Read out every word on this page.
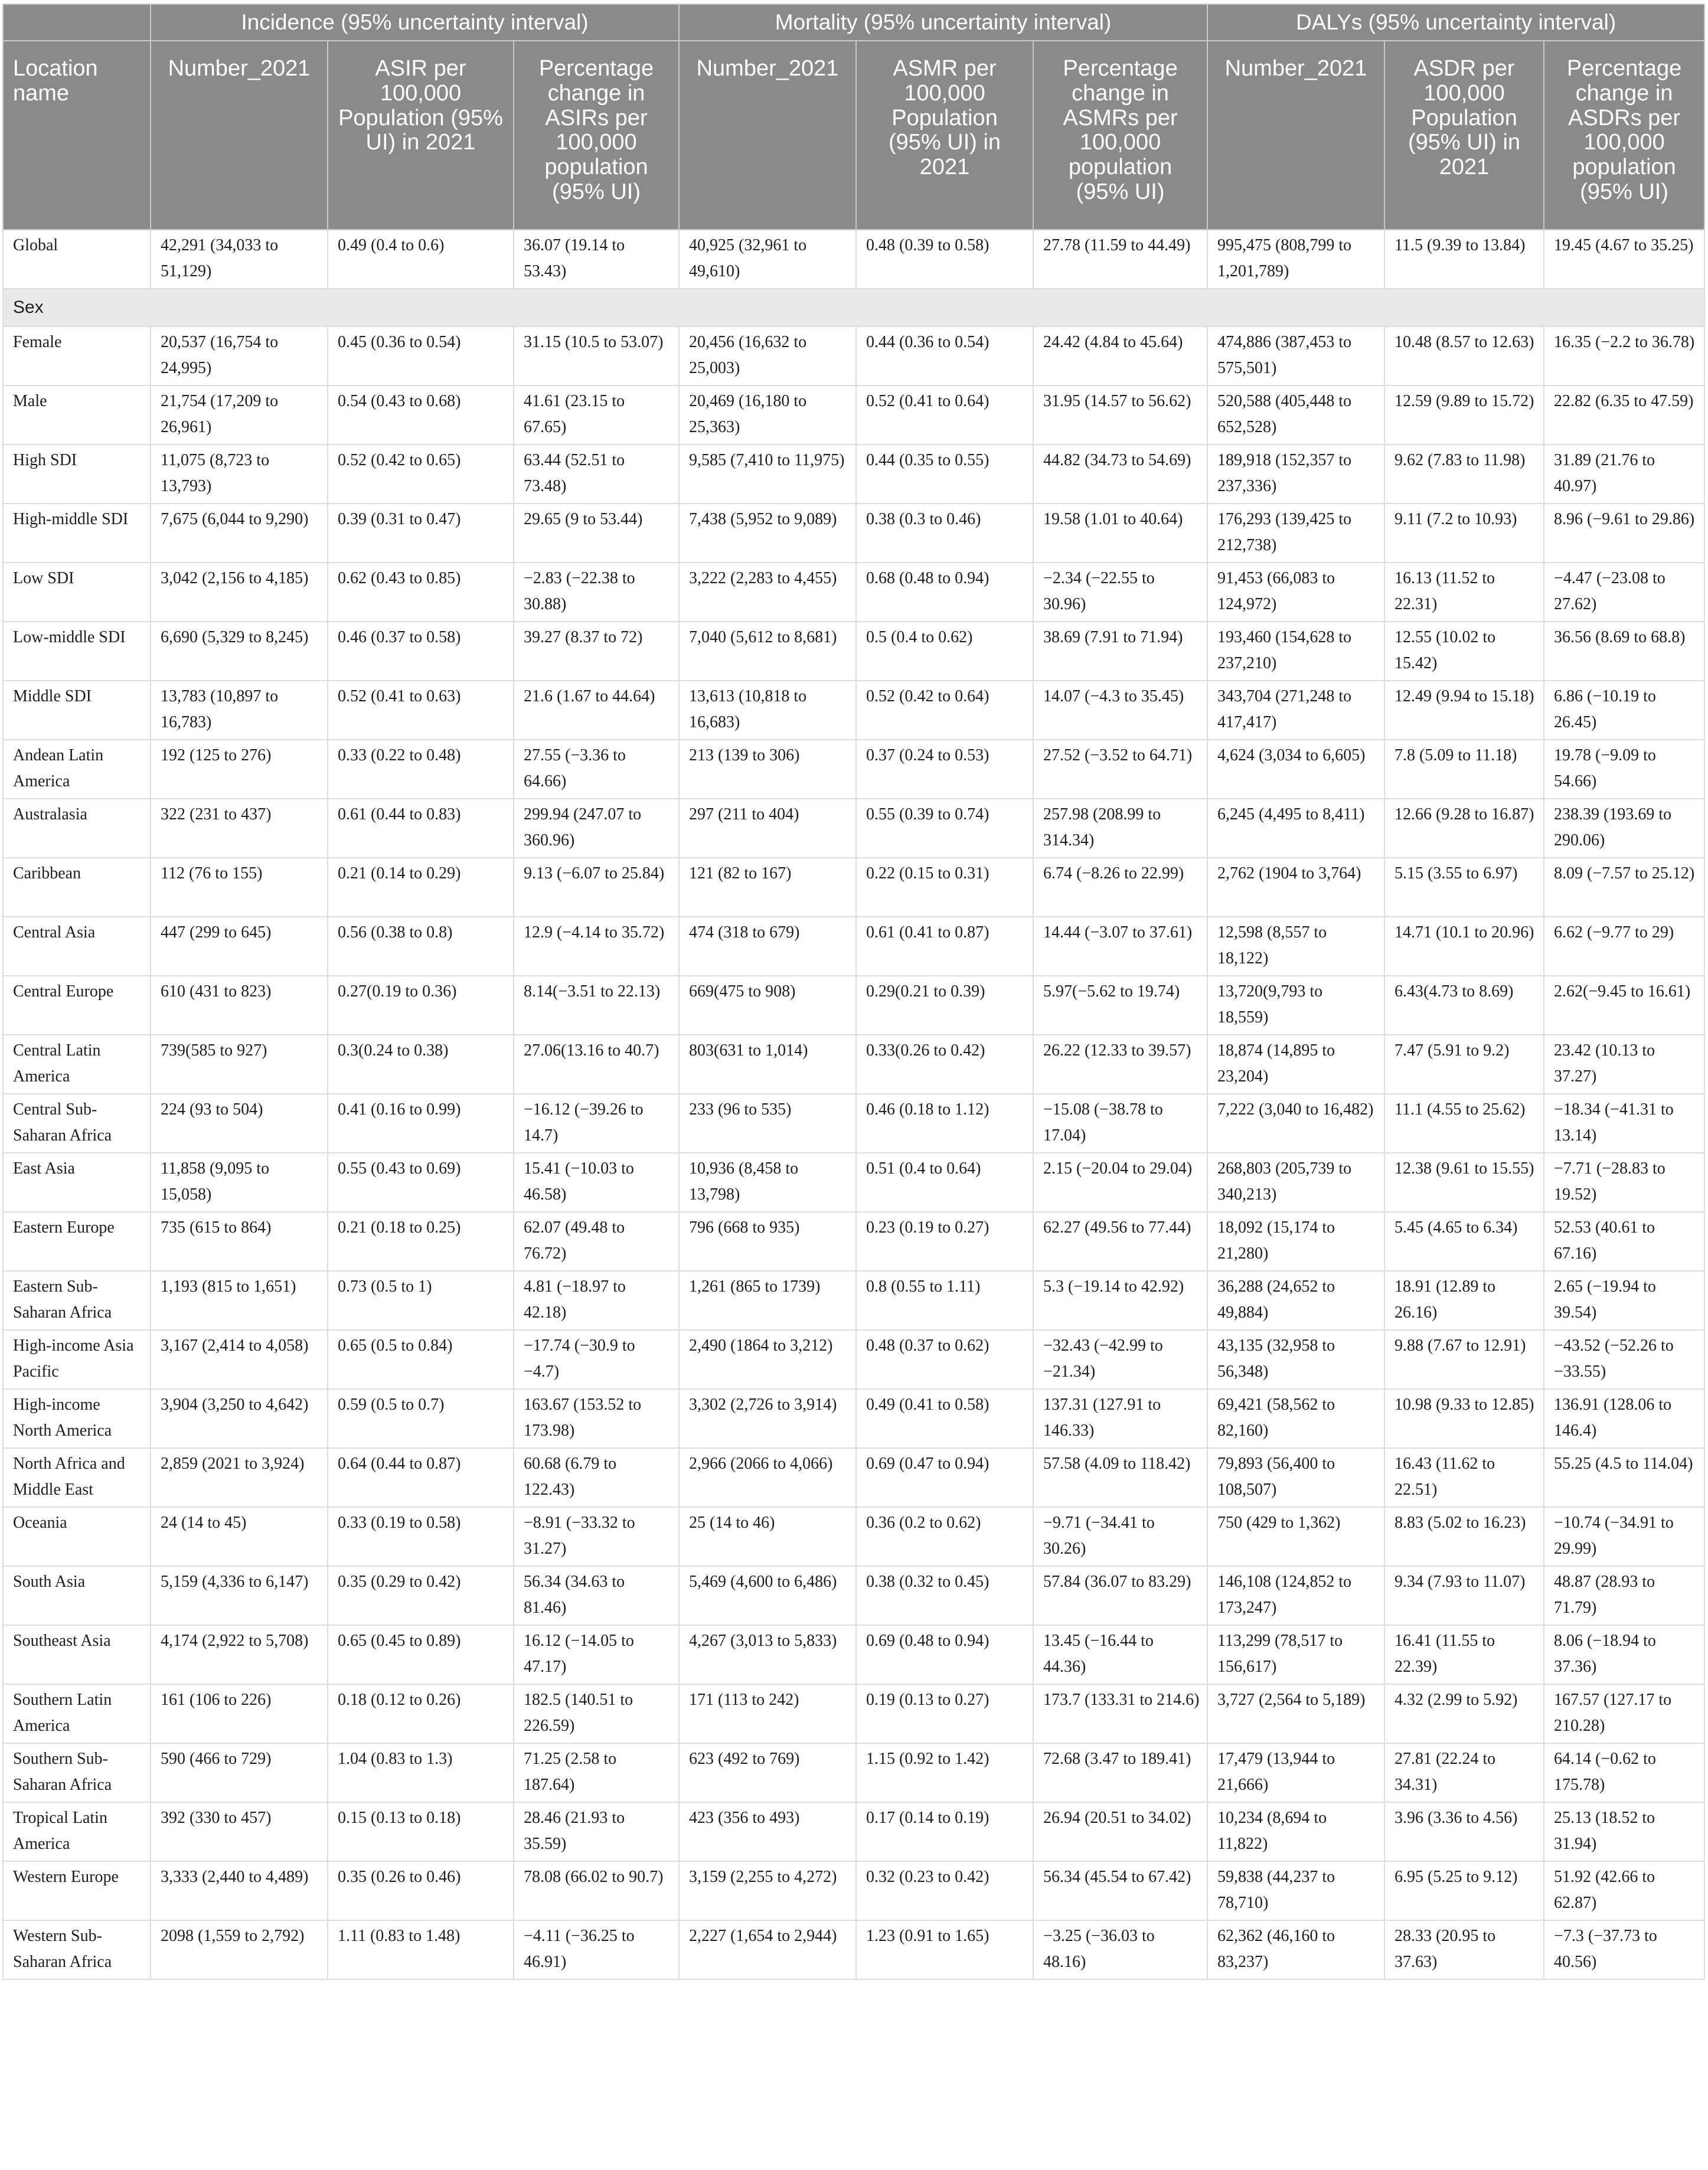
	Incidence (95% uncertainty interval)			Mortality (95% uncertainty interval)			DALYs (95% uncertainty interval)		
Location name	Number_2021	ASIR per 100,000 Population (95% UI) in 2021	Percentage change in ASIRs per 100,000 population (95% UI)	Number_2021	ASMR per 100,000 Population (95% UI) in 2021	Percentage change in ASMRs per 100,000 population (95% UI)	Number_2021	ASDR per 100,000 Population (95% UI) in 2021	Percentage change in ASDRs per 100,000 population (95% UI)
Global	42,291 (34,033 to 51,129)	0.49 (0.4 to 0.6)	36.07 (19.14 to 53.43)	40,925 (32,961 to 49,610)	0.48 (0.39 to 0.58)	27.78 (11.59 to 44.49)	995,475 (808,799 to 1,201,789)	11.5 (9.39 to 13.84)	19.45 (4.67 to 35.25)
Sex									
Female	20,537 (16,754 to 24,995)	0.45 (0.36 to 0.54)	31.15 (10.5 to 53.07)	20,456 (16,632 to 25,003)	0.44 (0.36 to 0.54)	24.42 (4.84 to 45.64)	474,886 (387,453 to 575,501)	10.48 (8.57 to 12.63)	16.35 (−2.2 to 36.78)
Male	21,754 (17,209 to 26,961)	0.54 (0.43 to 0.68)	41.61 (23.15 to 67.65)	20,469 (16,180 to 25,363)	0.52 (0.41 to 0.64)	31.95 (14.57 to 56.62)	520,588 (405,448 to 652,528)	12.59 (9.89 to 15.72)	22.82 (6.35 to 47.59)
High SDI	11,075 (8,723 to 13,793)	0.52 (0.42 to 0.65)	63.44 (52.51 to 73.48)	9,585 (7,410 to 11,975)	0.44 (0.35 to 0.55)	44.82 (34.73 to 54.69)	189,918 (152,357 to 237,336)	9.62 (7.83 to 11.98)	31.89 (21.76 to 40.97)
High-middle SDI	7,675 (6,044 to 9,290)	0.39 (0.31 to 0.47)	29.65 (9 to 53.44)	7,438 (5,952 to 9,089)	0.38 (0.3 to 0.46)	19.58 (1.01 to 40.64)	176,293 (139,425 to 212,738)	9.11 (7.2 to 10.93)	8.96 (−9.61 to 29.86)
Low SDI	3,042 (2,156 to 4,185)	0.62 (0.43 to 0.85)	−2.83 (−22.38 to 30.88)	3,222 (2,283 to 4,455)	0.68 (0.48 to 0.94)	−2.34 (−22.55 to 30.96)	91,453 (66,083 to 124,972)	16.13 (11.52 to 22.31)	−4.47 (−23.08 to 27.62)
Low-middle SDI	6,690 (5,329 to 8,245)	0.46 (0.37 to 0.58)	39.27 (8.37 to 72)	7,040 (5,612 to 8,681)	0.5 (0.4 to 0.62)	38.69 (7.91 to 71.94)	193,460 (154,628 to 237,210)	12.55 (10.02 to 15.42)	36.56 (8.69 to 68.8)
Middle SDI	13,783 (10,897 to 16,783)	0.52 (0.41 to 0.63)	21.6 (1.67 to 44.64)	13,613 (10,818 to 16,683)	0.52 (0.42 to 0.64)	14.07 (−4.3 to 35.45)	343,704 (271,248 to 417,417)	12.49 (9.94 to 15.18)	6.86 (−10.19 to 26.45)
Andean Latin America	192 (125 to 276)	0.33 (0.22 to 0.48)	27.55 (−3.36 to 64.66)	213 (139 to 306)	0.37 (0.24 to 0.53)	27.52 (−3.52 to 64.71)	4,624 (3,034 to 6,605)	7.8 (5.09 to 11.18)	19.78 (−9.09 to 54.66)
Australasia	322 (231 to 437)	0.61 (0.44 to 0.83)	299.94 (247.07 to 360.96)	297 (211 to 404)	0.55 (0.39 to 0.74)	257.98 (208.99 to 314.34)	6,245 (4,495 to 8,411)	12.66 (9.28 to 16.87)	238.39 (193.69 to 290.06)
Caribbean	112 (76 to 155)	0.21 (0.14 to 0.29)	9.13 (−6.07 to 25.84)	121 (82 to 167)	0.22 (0.15 to 0.31)	6.74 (−8.26 to 22.99)	2,762 (1904 to 3,764)	5.15 (3.55 to 6.97)	8.09 (−7.57 to 25.12)
Central Asia	447 (299 to 645)	0.56 (0.38 to 0.8)	12.9 (−4.14 to 35.72)	474 (318 to 679)	0.61 (0.41 to 0.87)	14.44 (−3.07 to 37.61)	12,598 (8,557 to 18,122)	14.71 (10.1 to 20.96)	6.62 (−9.77 to 29)
Central Europe	610 (431 to 823)	0.27(0.19 to 0.36)	8.14(−3.51 to 22.13)	669(475 to 908)	0.29(0.21 to 0.39)	5.97(−5.62 to 19.74)	13,720(9,793 to 18,559)	6.43(4.73 to 8.69)	2.62(−9.45 to 16.61)
Central Latin America	739(585 to 927)	0.3(0.24 to 0.38)	27.06(13.16 to 40.7)	803(631 to 1,014)	0.33(0.26 to 0.42)	26.22 (12.33 to 39.57)	18,874 (14,895 to 23,204)	7.47 (5.91 to 9.2)	23.42 (10.13 to 37.27)
Central Sub-Saharan Africa	224 (93 to 504)	0.41 (0.16 to 0.99)	−16.12 (−39.26 to 14.7)	233 (96 to 535)	0.46 (0.18 to 1.12)	−15.08 (−38.78 to 17.04)	7,222 (3,040 to 16,482)	11.1 (4.55 to 25.62)	−18.34 (−41.31 to 13.14)
East Asia	11,858 (9,095 to 15,058)	0.55 (0.43 to 0.69)	15.41 (−10.03 to 46.58)	10,936 (8,458 to 13,798)	0.51 (0.4 to 0.64)	2.15 (−20.04 to 29.04)	268,803 (205,739 to 340,213)	12.38 (9.61 to 15.55)	−7.71 (−28.83 to 19.52)
Eastern Europe	735 (615 to 864)	0.21 (0.18 to 0.25)	62.07 (49.48 to 76.72)	796 (668 to 935)	0.23 (0.19 to 0.27)	62.27 (49.56 to 77.44)	18,092 (15,174 to 21,280)	5.45 (4.65 to 6.34)	52.53 (40.61 to 67.16)
Eastern Sub-Saharan Africa	1,193 (815 to 1,651)	0.73 (0.5 to 1)	4.81 (−18.97 to 42.18)	1,261 (865 to 1739)	0.8 (0.55 to 1.11)	5.3 (−19.14 to 42.92)	36,288 (24,652 to 49,884)	18.91 (12.89 to 26.16)	2.65 (−19.94 to 39.54)
High-income Asia Pacific	3,167 (2,414 to 4,058)	0.65 (0.5 to 0.84)	−17.74 (−30.9 to −4.7)	2,490 (1864 to 3,212)	0.48 (0.37 to 0.62)	−32.43 (−42.99 to −21.34)	43,135 (32,958 to 56,348)	9.88 (7.67 to 12.91)	−43.52 (−52.26 to −33.55)
High-income North America	3,904 (3,250 to 4,642)	0.59 (0.5 to 0.7)	163.67 (153.52 to 173.98)	3,302 (2,726 to 3,914)	0.49 (0.41 to 0.58)	137.31 (127.91 to 146.33)	69,421 (58,562 to 82,160)	10.98 (9.33 to 12.85)	136.91 (128.06 to 146.4)
North Africa and Middle East	2,859 (2021 to 3,924)	0.64 (0.44 to 0.87)	60.68 (6.79 to 122.43)	2,966 (2066 to 4,066)	0.69 (0.47 to 0.94)	57.58 (4.09 to 118.42)	79,893 (56,400 to 108,507)	16.43 (11.62 to 22.51)	55.25 (4.5 to 114.04)
Oceania	24 (14 to 45)	0.33 (0.19 to 0.58)	−8.91 (−33.32 to 31.27)	25 (14 to 46)	0.36 (0.2 to 0.62)	−9.71 (−34.41 to 30.26)	750 (429 to 1,362)	8.83 (5.02 to 16.23)	−10.74 (−34.91 to 29.99)
South Asia	5,159 (4,336 to 6,147)	0.35 (0.29 to 0.42)	56.34 (34.63 to 81.46)	5,469 (4,600 to 6,486)	0.38 (0.32 to 0.45)	57.84 (36.07 to 83.29)	146,108 (124,852 to 173,247)	9.34 (7.93 to 11.07)	48.87 (28.93 to 71.79)
Southeast Asia	4,174 (2,922 to 5,708)	0.65 (0.45 to 0.89)	16.12 (−14.05 to 47.17)	4,267 (3,013 to 5,833)	0.69 (0.48 to 0.94)	13.45 (−16.44 to 44.36)	113,299 (78,517 to 156,617)	16.41 (11.55 to 22.39)	8.06 (−18.94 to 37.36)
Southern Latin America	161 (106 to 226)	0.18 (0.12 to 0.26)	182.5 (140.51 to 226.59)	171 (113 to 242)	0.19 (0.13 to 0.27)	173.7 (133.31 to 214.6)	3,727 (2,564 to 5,189)	4.32 (2.99 to 5.92)	167.57 (127.17 to 210.28)
Southern Sub-Saharan Africa	590 (466 to 729)	1.04 (0.83 to 1.3)	71.25 (2.58 to 187.64)	623 (492 to 769)	1.15 (0.92 to 1.42)	72.68 (3.47 to 189.41)	17,479 (13,944 to 21,666)	27.81 (22.24 to 34.31)	64.14 (−0.62 to 175.78)
Tropical Latin America	392 (330 to 457)	0.15 (0.13 to 0.18)	28.46 (21.93 to 35.59)	423 (356 to 493)	0.17 (0.14 to 0.19)	26.94 (20.51 to 34.02)	10,234 (8,694 to 11,822)	3.96 (3.36 to 4.56)	25.13 (18.52 to 31.94)
Western Europe	3,333 (2,440 to 4,489)	0.35 (0.26 to 0.46)	78.08 (66.02 to 90.7)	3,159 (2,255 to 4,272)	0.32 (0.23 to 0.42)	56.34 (45.54 to 67.42)	59,838 (44,237 to 78,710)	6.95 (5.25 to 9.12)	51.92 (42.66 to 62.87)
Western Sub-Saharan Africa	2098 (1,559 to 2,792)	1.11 (0.83 to 1.48)	−4.11 (−36.25 to 46.91)	2,227 (1,654 to 2,944)	1.23 (0.91 to 1.65)	−3.25 (−36.03 to 48.16)	62,362 (46,160 to 83,237)	28.33 (20.95 to 37.63)	−7.3 (−37.73 to 40.56)
